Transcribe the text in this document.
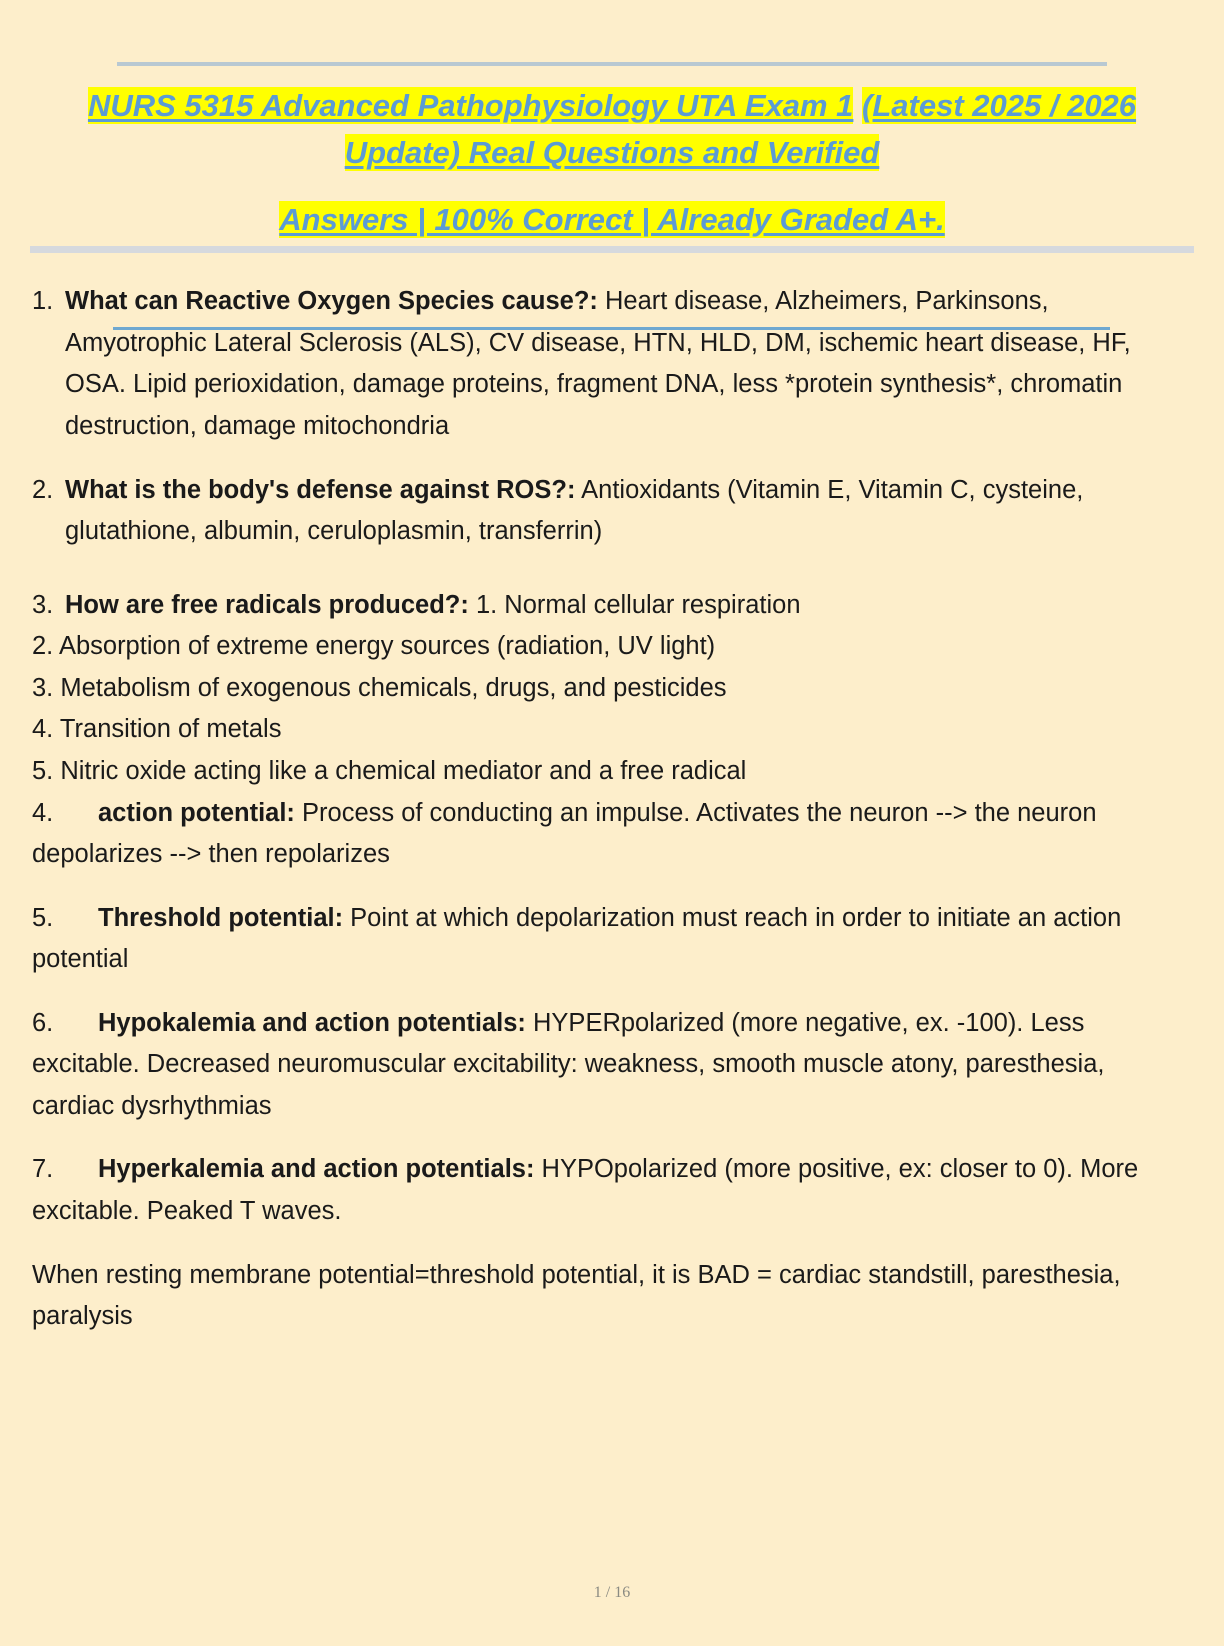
NURS 5315 Advanced Pathophysiology UTA Exam 1 (Latest 2025 / 2026 Update) Real Questions and Verified
Answers | 100% Correct | Already Graded A+.
1. What can Reactive Oxygen Species cause?: Heart disease, Alzheimers, Parkinsons, Amyotrophic Lateral Sclerosis (ALS), CV disease, HTN, HLD, DM, ischemic heart disease, HF, OSA. Lipid perioxidation, damage proteins, fragment DNA, less *protein synthesis*, chromatin destruction, damage mitochondria
2. What is the body's defense against ROS?: Antioxidants (Vitamin E, Vitamin C, cysteine, glutathione, albumin, ceruloplasmin, transferrin)
3. How are free radicals produced?: 1. Normal cellular respiration

2. Absorption of extreme energy sources (radiation, UV light)

3. Metabolism of exogenous chemicals, drugs, and pesticides

4. Transition of metals

5. Nitric oxide acting like a chemical mediator and a free radical

4. action potential: Process of conducting an impulse. Activates the neuron --> the neuron depolarizes --> then repolarizes

5. Threshold potential: Point at which depolarization must reach in order to initiate an action potential

6. Hypokalemia and action potentials: HYPERpolarized (more negative, ex. -100). Less excitable. Decreased neuromuscular excitability: weakness, smooth muscle atony, paresthesia, cardiac dysrhythmias

7. Hyperkalemia and action potentials: HYPOpolarized (more positive, ex: closer to 0). More excitable. Peaked T waves.

When resting membrane potential=threshold potential, it is BAD = cardiac standstill, paresthesia, paralysis

1 / 16
